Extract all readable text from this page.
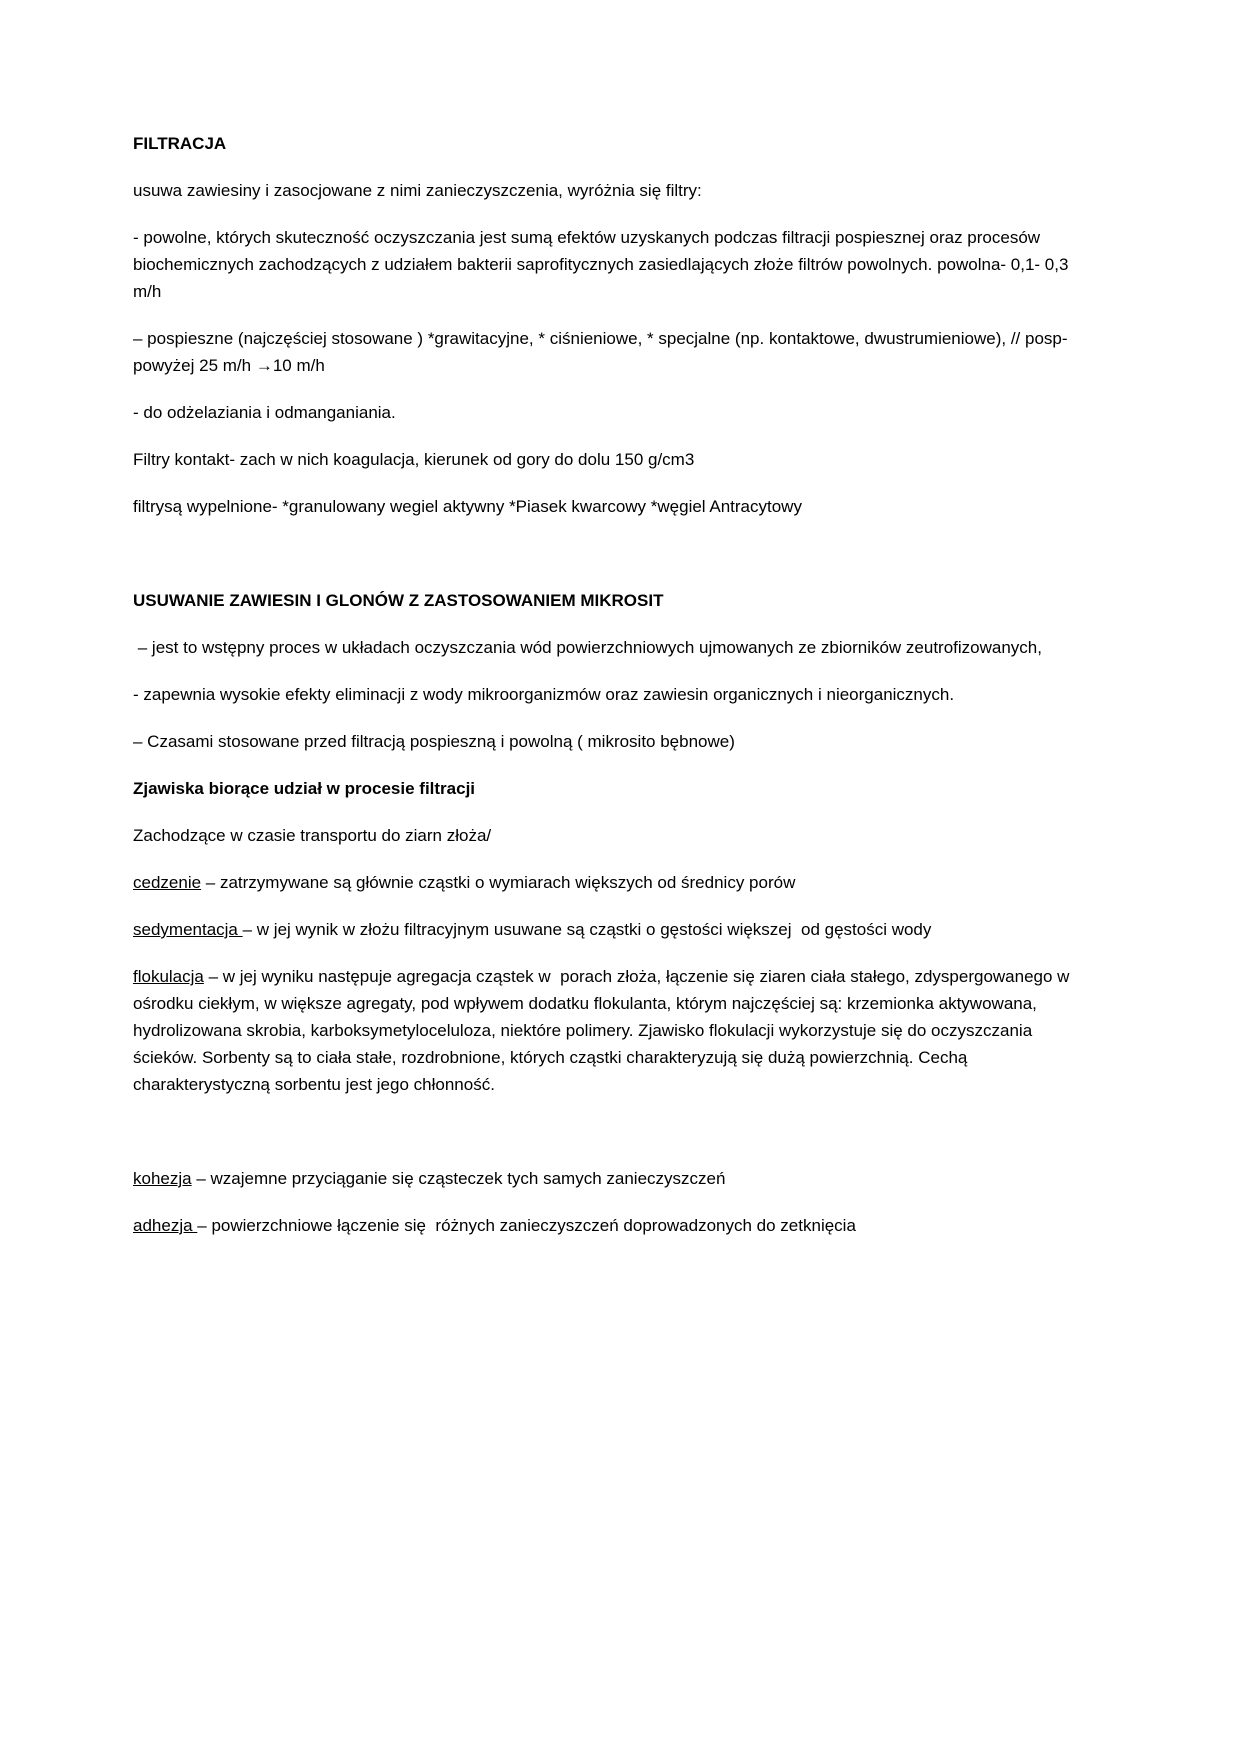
FILTRACJA

usuwa zawiesiny i zasocjowane z nimi zanieczyszczenia, wyróżnia się filtry:

- powolne, których skuteczność oczyszczania jest sumą efektów uzyskanych podczas filtracji pospiesznej oraz procesów biochemicznych zachodzących z udziałem bakterii saprofitycznych zasiedlających złoże filtrów powolnych. powolna- 0,1- 0,3 m/h

– pospieszne (najczęściej stosowane ) *grawitacyjne, * ciśnieniowe, * specjalne (np. kontaktowe, dwustrumieniowe), // posp- powyżej 25 m/h →10 m/h

- do odżelaziania i odmanganiania.

Filtry kontakt- zach w nich koagulacja, kierunek od gory do dolu 150 g/cm3

filtrysą wypelnione- *granulowany wegiel aktywny *Piasek kwarcowy *węgiel Antracytowy

USUWANIE ZAWIESIN I GLONÓW Z ZASTOSOWANIEM MIKROSIT

– jest to wstępny proces w układach oczyszczania wód powierzchniowych ujmowanych ze zbiorników zeutrofizowanych,

- zapewnia wysokie efekty eliminacji z wody mikroorganizmów oraz zawiesin organicznych i nieorganicznych.

– Czasami stosowane przed filtracją pospieszną i powolną ( mikrosito bębnowe)

Zjawiska biorące udział w procesie filtracji

Zachodzące w czasie transportu do ziarn złoża/

cedzenie – zatrzymywane są głównie cząstki o wymiarach większych od średnicy porów

sedymentacja – w jej wynik w złożu filtracyjnym usuwane są cząstki o gęstości większej  od gęstości wody

flokulacja – w jej wyniku następuje agregacja cząstek w  porach złoża, łączenie się ziaren ciała stałego, zdyspergowanego w ośrodku ciekłym, w większe agregaty, pod wpływem dodatku flokulanta, którym najczęściej są: krzemionka aktywowana, hydrolizowana skrobia, karboksymetyloceluloza, niektóre polimery. Zjawisko flokulacji wykorzystuje się do oczyszczania ścieków. Sorbenty są to ciała stałe, rozdrobnione, których cząstki charakteryzują się dużą powierzchnią. Cechą charakterystyczną sorbentu jest jego chłonność.

kohezja – wzajemne przyciąganie się cząsteczek tych samych zanieczyszczeń

adhezja – powierzchniowe łączenie się  różnych zanieczyszczeń doprowadzonych do zetknięcia
